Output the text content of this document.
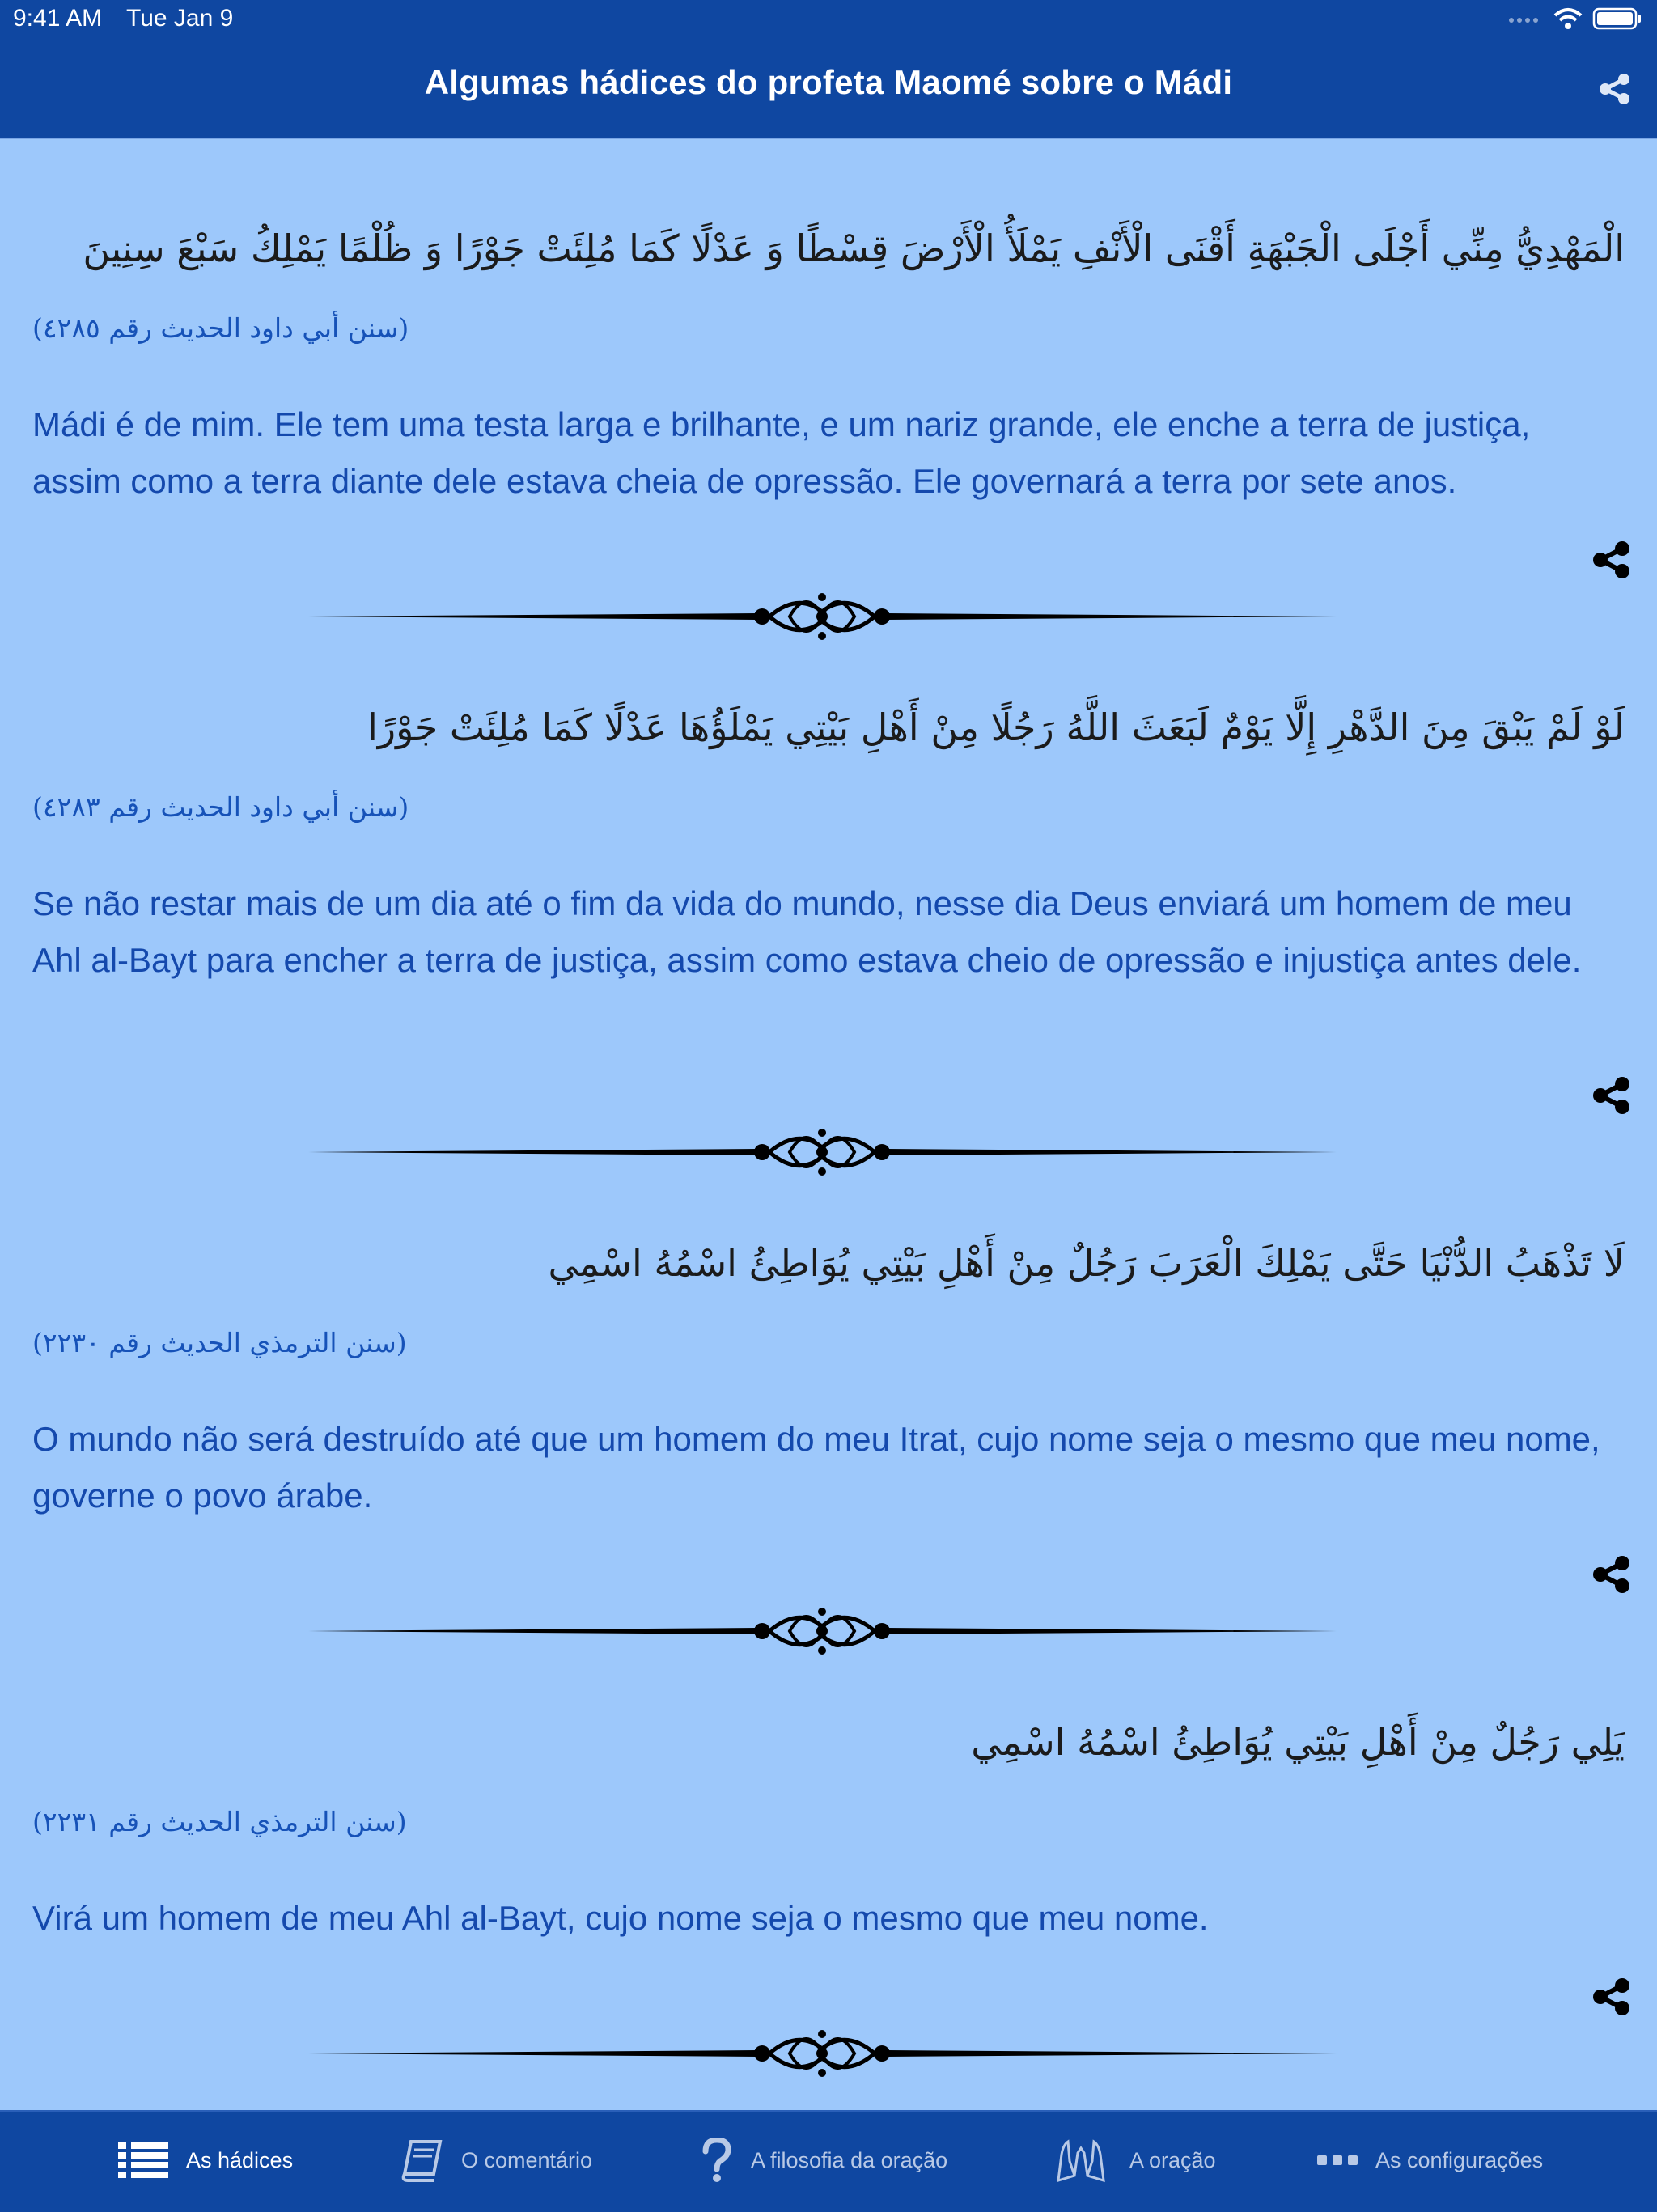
9:41 AM Tue Jan 9
Algumas hádices do profeta Maomé sobre o Mádi
الْمَهْدِيُّ مِنِّي أَجْلَى الْجَبْهَةِ أَقْنَى الْأَنْفِ يَمْلَأُ الْأَرْضَ قِسْطًا وَ عَدْلًا كَمَا مُلِئَتْ جَوْرًا وَ ظُلْمًا يَمْلِكُ سَبْعَ سِنِينَ
(سنن أبي داود الحديث رقم ٤٢٨٥)
Mádi é de mim. Ele tem uma testa larga e brilhante, e um nariz grande, ele enche a terra de justiça, assim como a terra diante dele estava cheia de opressão. Ele governará a terra por sete anos.
لَوْ لَمْ يَبْقَ مِنَ الدَّهْرِ إِلَّا يَوْمٌ لَبَعَثَ اللَّهُ رَجُلًا مِنْ أَهْلِ بَيْتِي يَمْلَؤُهَا عَدْلًا كَمَا مُلِئَتْ جَوْرًا
(سنن أبي داود الحديث رقم ٤٢٨٣)
Se não restar mais de um dia até o fim da vida do mundo, nesse dia Deus enviará um homem de meu Ahl al-Bayt para encher a terra de justiça, assim como estava cheio de opressão e injustiça antes dele.
لَا تَذْهَبُ الدُّنْيَا حَتَّى يَمْلِكَ الْعَرَبَ رَجُلٌ مِنْ أَهْلِ بَيْتِي يُوَاطِئُ اسْمُهُ اسْمِي
(سنن الترمذي الحديث رقم ٢٢٣٠)
O mundo não será destruído até que um homem do meu Itrat, cujo nome seja o mesmo que meu nome, governe o povo árabe.
يَلِي رَجُلٌ مِنْ أَهْلِ بَيْتِي يُوَاطِئُ اسْمُهُ اسْمِي
(سنن الترمذي الحديث رقم ٢٢٣١)
Virá um homem de meu Ahl al-Bayt, cujo nome seja o mesmo que meu nome.
As hádices	O comentário	A filosofia da oração	A oração	As configurações
